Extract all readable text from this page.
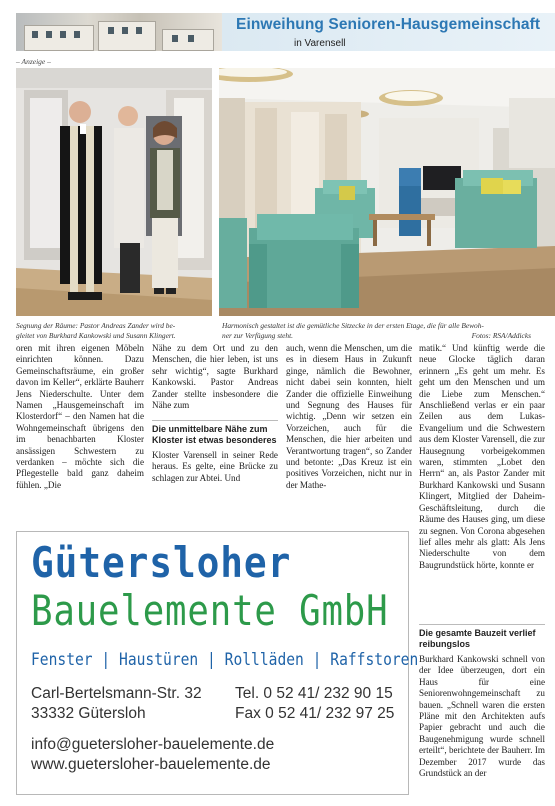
Einweihung Senioren-Hausgemeinschaft
in Varensell
– Anzeige –
Segnung der Räume: Pastor Andreas Zander wird be-
gleitet von Burkhard Kankowski und Susann Klingert.
Harmonisch gestaltet ist die gemütliche Sitzecke in der ersten Etage, die für alle Bewoh-
ner zur Verfügung steht.	Fotos: RSA/Addicks

oren mit ihren eigenen Möbeln einrichten können. Dazu Gemeinschaftsräume, ein großer davon im Keller“, erklärte Bauherr Jens Niederschulte. Unter dem Namen „Hausgemeinschaft im Klosterdorf“ – den Namen hat die Wohngemeinschaft übrigens den im benachbarten Kloster ansässigen Schwestern zu verdanken – möchte sich die Pflegestelle bald ganz daheim fühlen. „Die

Nähe zu dem Ort und zu den Menschen, die hier leben, ist uns sehr wichtig“, sagte Burkhard Kankowski. Pastor Andreas Zander stellte insbesondere die Nähe zum

Die unmittelbare Nähe zum Kloster ist etwas besonderes

Kloster Varensell in seiner Rede heraus. Es gelte, eine Brücke zu schlagen zur Abtei. Und

auch, wenn die Menschen, um die es in diesem Haus in Zukunft ginge, nämlich die Bewohner, nicht dabei sein konnten, hielt Zander die offizielle Einweihung und Segnung des Hauses für wichtig. „Denn wir setzen ein Vorzeichen, auch für die Menschen, die hier arbeiten und Verantwortung tragen“, so Zander und betonte: „Das Kreuz ist ein positives Vorzeichen, nicht nur in der Mathe-

matik.“ Und künftig werde die neue Glocke täglich daran erinnern „Es geht um mehr. Es geht um den Menschen und um die Liebe zum Menschen.“ Anschließend verlas er ein paar Zeilen aus dem Lukas-Evangelium und die Schwestern aus dem Kloster Varensell, die zur Hausegnung vorbeigekommen waren, stimmten „Lobet den Herrn“ an, als Pastor Zander mit Burkhard Kankowski und Susann Klingert, Mitglied der Daheim-Geschäftsleitung, durch die Räume des Hauses ging, um diese zu segnen. Von Corona abgesehen lief alles mehr als glatt: Als Jens Niederschulte von dem Baugrundstück hörte, konnte er

Die gesamte Bauzeit verlief reibungslos

Burkhard Kankowski schnell von der Idee überzeugen, dort ein Haus für eine Seniorenwohngemeinschaft zu bauen. „Schnell waren die ersten Pläne mit den Architekten aufs Papier gebracht und auch die Baugenehmigung wurde schnell erteilt“, berichtete der Bauherr. Im Dezember 2017 wurde das Grundstück an der

Gütersloher
Bauelemente GmbH
Fenster | Haustüren | Rollläden | Raffstoren
Carl-Bertelsmann-Str. 32
33332 Gütersloh
Tel. 0 52 41/ 232 90 15
Fax 0 52 41/ 232 97 25
info@guetersloher-bauelemente.de
www.guetersloher-bauelemente.de
